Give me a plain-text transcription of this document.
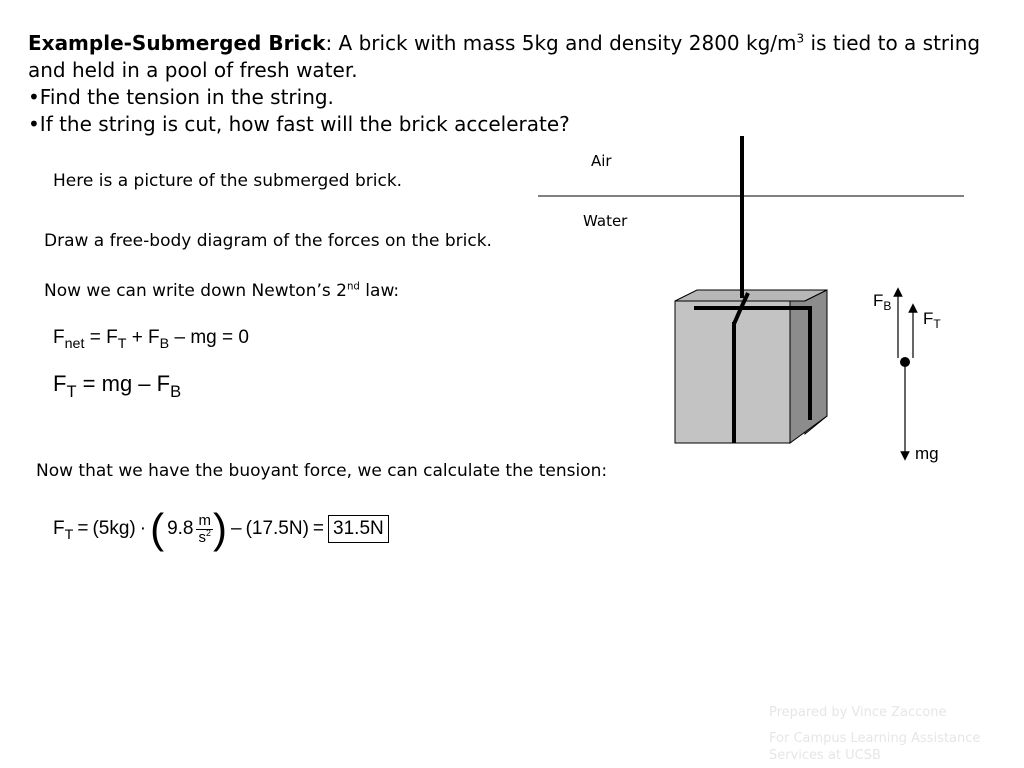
Example-Submerged Brick: A brick with mass 5kg and density 2800 $kg/m^3$ is tied to a string and held in a pool of fresh water.
•Find the tension in the string.
•If the string is cut, how fast will the brick accelerate?
Here is a picture of the submerged brick.
Draw a free-body diagram of the forces on the brick.
Now we can write down Newton’s 2nd law:
Now that we have the buoyant force, we can calculate the tension:
$F_{net} = F_T + F_B$ – mg = 0
$F_T$ = mg – $F_B$
$F_T = (5kg)$ · ( 9.8 m
$s^2$ ) – (17.5N) = 31.5N
Air
Water
$F_B$
$F_T$
mg
Prepared by Vince Zaccone
For Campus Learning Assistance
Services at UCSB
